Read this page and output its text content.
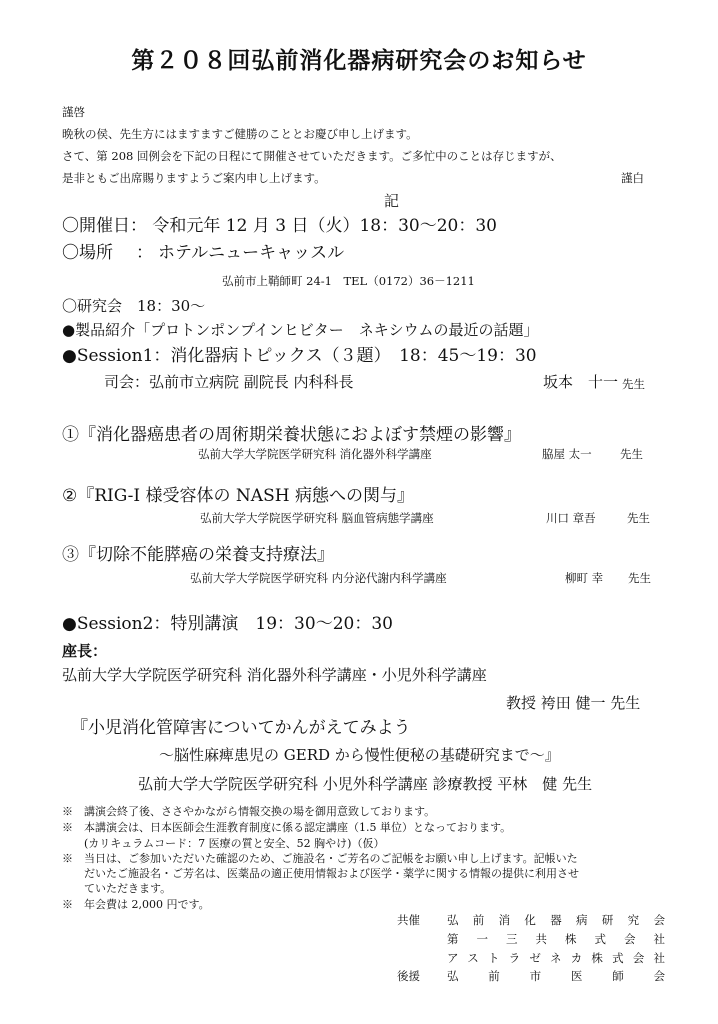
第２０８回弘前消化器病研究会のお知らせ
謹啓
晩秋の侯、先生方にはますますご健勝のこととお慶び申し上げます。
さて、第 208 回例会を下記の日程にて開催させていただきます。ご多忙中のことは存じますが、
是非ともご出席賜りますようご案内申し上げます。	謹白
記
〇開催日： 令和元年 12 月 3 日（火）18：30～20：30
〇場所 ： ホテルニューキャッスル
弘前市上鞘師町 24-1　TEL（0172）36－1211
〇研究会　18：30～
●製品紹介「プロトンポンプインヒビター　ネキシウムの最近の話題」
●Session1：消化器病トピックス（３題）　18：45～19：30
司会：弘前市立病院 副院長 内科科長	坂本　十一 先生
①『消化器癌患者の周術期栄養状態におよぼす禁煙の影響』
弘前大学大学院医学研究科 消化器外科学講座	脇屋 太一 先生
②『RIG-I 様受容体の NASH 病態への関与』
弘前大学大学院医学研究科 脳血管病態学講座	川口 章吾	先生
③『切除不能膵癌の栄養支持療法』
弘前大学大学院医学研究科 内分泌代謝内科学講座	柳町 幸 先生
●Session2：特別講演　19：30～20：30
座長：
弘前大学大学院医学研究科 消化器外科学講座・小児外科学講座
教授 袴田 健一 先生
『小児消化管障害についてかんがえてみよう
～脳性麻痺患児の GERD から慢性便秘の基礎研究まで～』
弘前大学大学院医学研究科 小児外科学講座 診療教授 平林　健 先生
※　講演会終了後、ささやかながら情報交換の場を御用意致しております。
※　本講演会は、日本医師会生涯教育制度に係る認定講座（1.5 単位）となっております。
　　(カリキュラムコード：7 医療の質と安全、52 胸やけ)（仮）
※　当日は、ご参加いただいた確認のため、ご施設名・ご芳名のご記帳をお願い申し上げます。記帳いた
　　だいたご施設名・ご芳名は、医薬品の適正使用情報および医学・薬学に関する情報の提供に利用させ
　　ていただきます。
※　年会費は 2,000 円です。
共催 弘前消化器病研究会
第一三共株式会社
アストラゼネカ株式会社
後援 弘前市医師会
